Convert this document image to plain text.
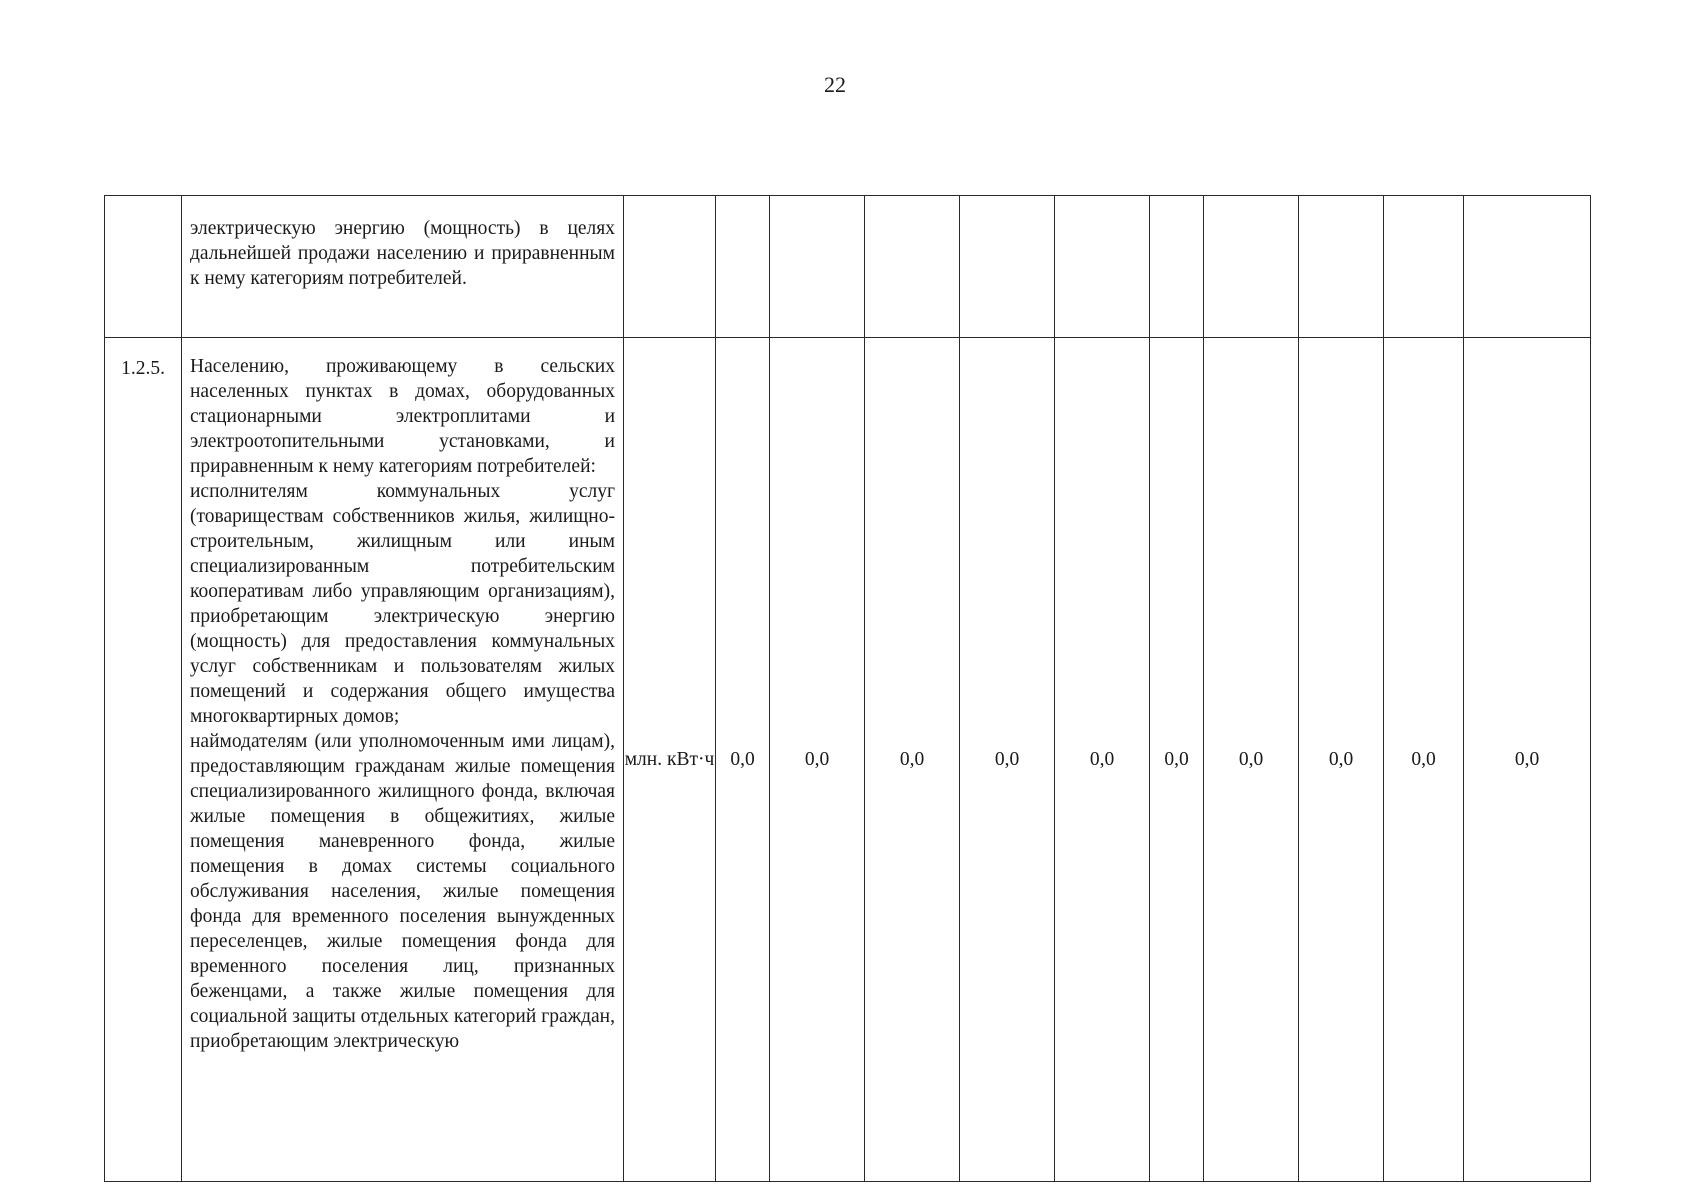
22

	электрическую энергию (мощность) в целях дальнейшей продажи населению и приравненным к нему категориям потребителей.											

1.2.5.	Населению, проживающему в сельских населенных пунктах в домах, оборудованных стационарными электроплитами и электроотопительными установками, и приравненным к нему категориям потребителей:

исполнителям коммунальных услуг (товариществам собственников жилья, жилищно-строительным, жилищным или иным специализированным потребительским кооперативам либо управляющим организациям), приобретающим электрическую энергию (мощность) для предоставления коммунальных услуг собственникам и пользователям жилых помещений и содержания общего имущества многоквартирных домов;

наймодателям (или уполномоченным ими лицам), предоставляющим гражданам жилые помещения специализированного жилищного фонда, включая жилые помещения в общежитиях, жилые помещения маневренного фонда, жилые помещения в домах системы социального обслуживания населения, жилые помещения фонда для временного поселения вынужденных переселенцев, жилые помещения фонда для временного поселения лиц, признанных беженцами, а также жилые помещения для социальной защиты отдельных категорий граждан, приобретающим электрическую	млн. кВт·ч	0,0	0,0	0,0	0,0	0,0	0,0	0,0	0,0	0,0	0,0
